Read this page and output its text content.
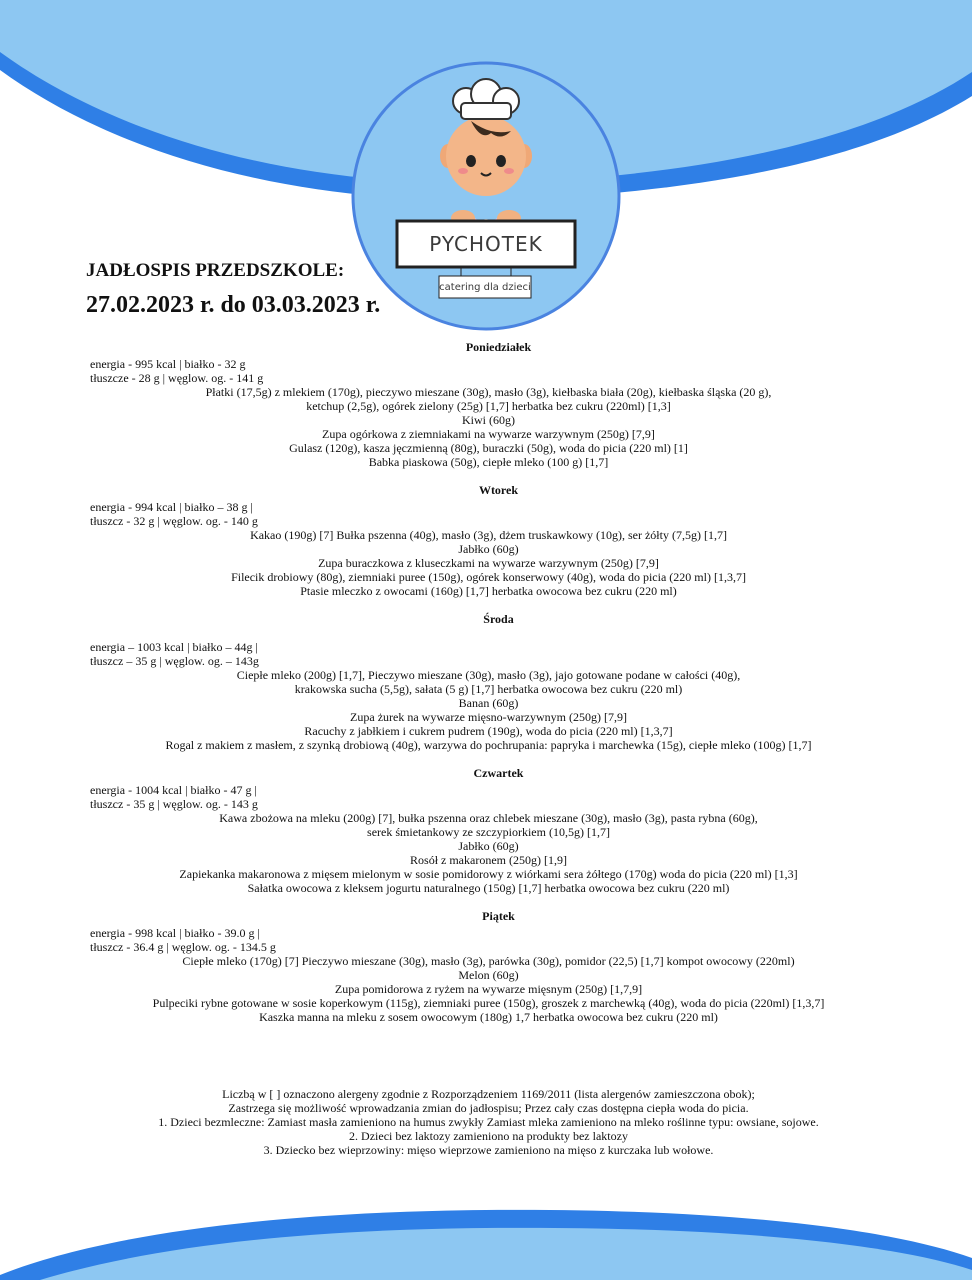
PYCHOTEK
catering dla dzieci
JADŁOSPIS PRZEDSZKOLE:
27.02.2023 r. do 03.03.2023 r.

Poniedziałek

energia - 995 kcal | białko - 32 g

tłuszcze - 28 g | węglow. og. - 141 g

Płatki (17,5g) z mlekiem (170g), pieczywo mieszane (30g), masło (3g), kiełbaska biała (20g), kiełbaska śląska (20 g),

ketchup (2,5g), ogórek zielony (25g) [1,7] herbatka bez cukru (220ml) [1,3]

Kiwi (60g)

Zupa ogórkowa z ziemniakami na wywarze warzywnym (250g) [7,9]

Gulasz (120g), kasza jęczmienną (80g), buraczki (50g), woda do picia (220 ml) [1]

Babka piaskowa (50g), ciepłe mleko (100 g) [1,7]

Wtorek

energia - 994 kcal | białko – 38 g |

tłuszcz - 32 g | węglow. og. - 140 g

Kakao (190g) [7] Bułka pszenna (40g), masło (3g), dżem truskawkowy (10g), ser żółty (7,5g) [1,7]

Jabłko (60g)

Zupa buraczkowa z kluseczkami na wywarze warzywnym (250g) [7,9]

Filecik drobiowy (80g), ziemniaki puree (150g), ogórek konserwowy (40g), woda do picia (220 ml) [1,3,7]

Ptasie mleczko z owocami (160g) [1,7] herbatka owocowa bez cukru (220 ml)

Środa

energia – 1003 kcal | białko – 44g |

tłuszcz – 35 g | węglow. og. – 143g

Ciepłe mleko (200g) [1,7], Pieczywo mieszane (30g), masło (3g), jajo gotowane podane w całości (40g),

krakowska sucha (5,5g), sałata (5 g) [1,7] herbatka owocowa bez cukru (220 ml)

Banan (60g)

Zupa żurek na wywarze mięsno-warzywnym (250g) [7,9]

Racuchy z jabłkiem i cukrem pudrem (190g), woda do picia (220 ml) [1,3,7]

Rogal z makiem z masłem, z szynką drobiową (40g), warzywa do pochrupania: papryka i marchewka (15g), ciepłe mleko (100g) [1,7]

Czwartek

energia - 1004 kcal | białko - 47 g |

tłuszcz - 35 g | węglow. og. - 143 g

Kawa zbożowa na mleku (200g) [7], bułka pszenna oraz chlebek mieszane (30g), masło (3g), pasta rybna (60g),

serek śmietankowy ze szczypiorkiem (10,5g) [1,7]

Jabłko (60g)

Rosół z makaronem (250g) [1,9]

Zapiekanka makaronowa z mięsem mielonym w sosie pomidorowy z wiórkami sera żółtego (170g) woda do picia (220 ml) [1,3]

Sałatka owocowa z kleksem jogurtu naturalnego (150g) [1,7] herbatka owocowa bez cukru (220 ml)

Piątek

energia - 998 kcal | białko - 39.0 g |

tłuszcz - 36.4 g | węglow. og. - 134.5 g

Ciepłe mleko (170g) [7] Pieczywo mieszane (30g), masło (3g), parówka (30g), pomidor (22,5) [1,7] kompot owocowy (220ml)

Melon (60g)

Zupa pomidorowa z ryżem na wywarze mięsnym (250g) [1,7,9]

Pulpeciki rybne gotowane w sosie koperkowym (115g), ziemniaki puree (150g), groszek z marchewką (40g), woda do picia (220ml) [1,3,7]

Kaszka manna na mleku z sosem owocowym (180g) 1,7 herbatka owocowa bez cukru (220 ml)

Liczbą w [ ] oznaczono alergeny zgodnie z Rozporządzeniem 1169/2011 (lista alergenów zamieszczona obok);

Zastrzega się możliwość wprowadzania zmian do jadłospisu; Przez cały czas dostępna ciepła woda do picia.

1. Dzieci bezmleczne: Zamiast masła zamieniono na humus zwykły Zamiast mleka zamieniono na mleko roślinne typu: owsiane, sojowe.

2. Dzieci bez laktozy zamieniono na produkty bez laktozy

3. Dziecko bez wieprzowiny: mięso wieprzowe zamieniono na mięso z kurczaka lub wołowe.
